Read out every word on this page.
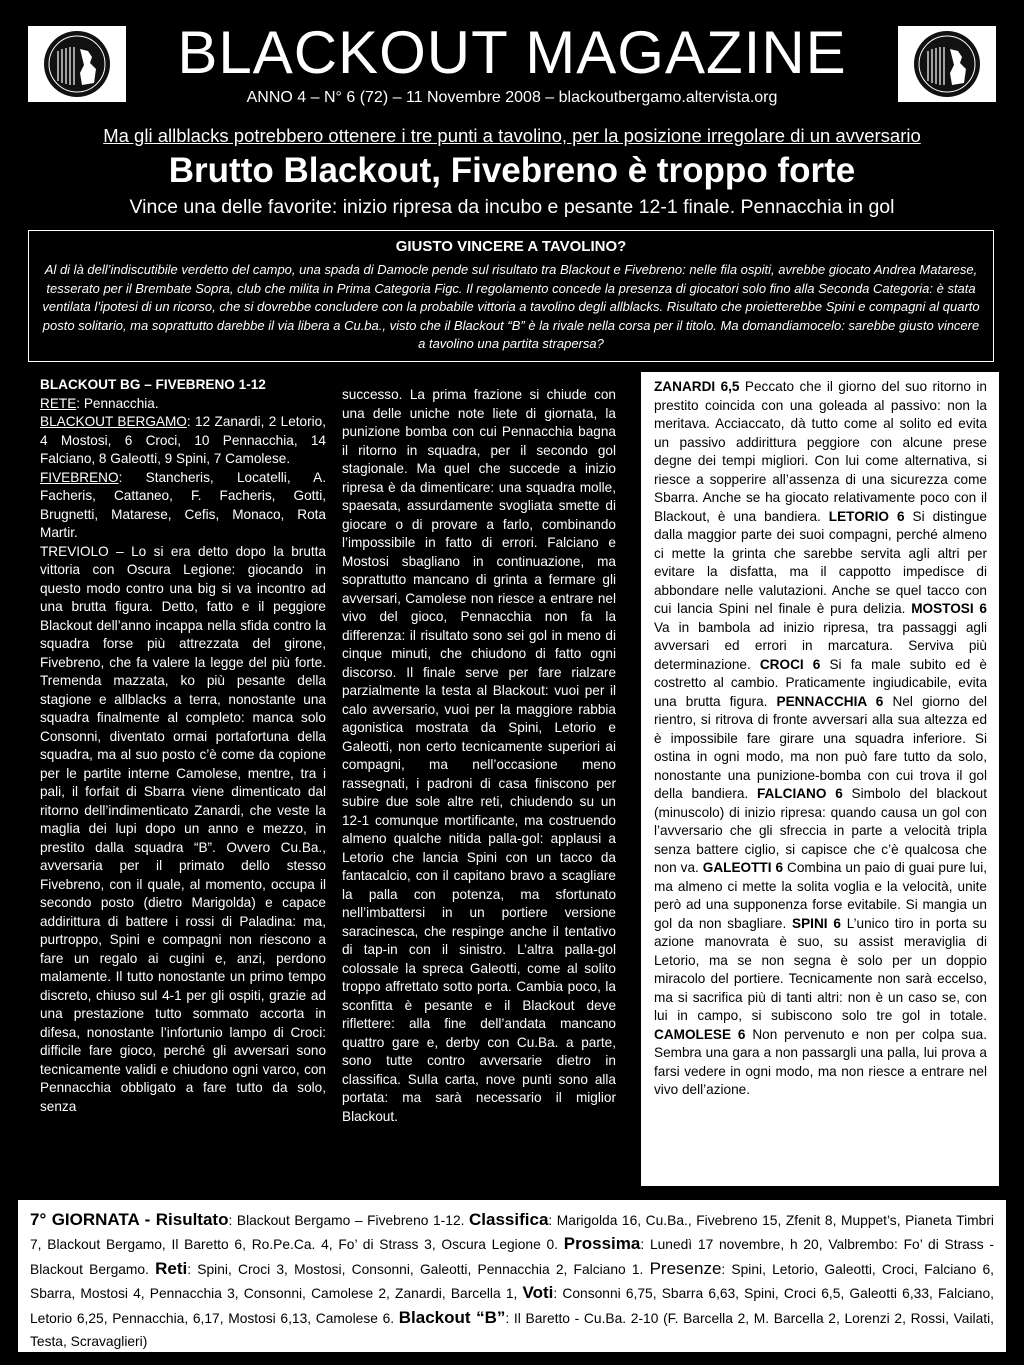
BLACKOUT MAGAZINE
ANNO 4 – N° 6 (72) – 11 Novembre 2008 – blackoutbergamo.altervista.org
Ma gli allblacks potrebbero ottenere i tre punti a tavolino, per la posizione irregolare di un avversario
Brutto Blackout, Fivebreno è troppo forte
Vince una delle favorite: inizio ripresa da incubo e pesante 12-1 finale. Pennacchia in gol
GIUSTO VINCERE A TAVOLINO?

Al di là dell’indiscutibile verdetto del campo, una spada di Damocle pende sul risultato tra Blackout e Fivebreno: nelle fila ospiti, avrebbe giocato Andrea Matarese, tesserato per il Brembate Sopra, club che milita in Prima Categoria Figc. Il regolamento concede la presenza di giocatori solo fino alla Seconda Categoria: è stata ventilata l’ipotesi di un ricorso, che si dovrebbe concludere con la probabile vittoria a tavolino degli allblacks. Risultato che proietterebbe Spini e compagni al quarto posto solitario, ma soprattutto darebbe il via libera a Cu.ba., visto che il Blackout “B” è la rivale nella corsa per il titolo. Ma domandiamocelo: sarebbe giusto vincere a tavolino una partita strapersa?

BLACKOUT BG – FIVEBRENO 1-12

RETE: Pennacchia.

BLACKOUT BERGAMO: 12 Zanardi, 2 Letorio, 4 Mostosi, 6 Croci, 10 Pennacchia, 14 Falciano, 8 Galeotti, 9 Spini, 7 Camolese.

FIVEBRENO: Stancheris, Locatelli, A. Facheris, Cattaneo, F. Facheris, Gotti, Brugnetti, Matarese, Cefis, Monaco, Rota Martir.

TREVIOLO – Lo si era detto dopo la brutta vittoria con Oscura Legione: giocando in questo modo contro una big si va incontro ad una brutta figura. Detto, fatto e il peggiore Blackout dell’anno incappa nella sfida contro la squadra forse più attrezzata del girone, Fivebreno, che fa valere la legge del più forte. Tremenda mazzata, ko più pesante della stagione e allblacks a terra, nonostante una squadra finalmente al completo: manca solo Consonni, diventato ormai portafortuna della squadra, ma al suo posto c’è come da copione per le partite interne Camolese, mentre, tra i pali, il forfait di Sbarra viene dimenticato dal ritorno dell’indimenticato Zanardi, che veste la maglia dei lupi dopo un anno e mezzo, in prestito dalla squadra “B”. Ovvero Cu.Ba., avversaria per il primato dello stesso Fivebreno, con il quale, al momento, occupa il secondo posto (dietro Marigolda) e capace addirittura di battere i rossi di Paladina: ma, purtroppo, Spini e compagni non riescono a fare un regalo ai cugini e, anzi, perdono malamente. Il tutto nonostante un primo tempo discreto, chiuso sul 4-1 per gli ospiti, grazie ad una prestazione tutto sommato accorta in difesa, nonostante l’infortunio lampo di Croci: difficile fare gioco, perché gli avversari sono tecnicamente validi e chiudono ogni varco, con Pennacchia obbligato a fare tutto da solo, senza

successo. La prima frazione si chiude con una delle uniche note liete di giornata, la punizione bomba con cui Pennacchia bagna il ritorno in squadra, per il secondo gol stagionale. Ma quel che succede a inizio ripresa è da dimenticare: una squadra molle, spaesata, assurdamente svogliata smette di giocare o di provare a farlo, combinando l’impossibile in fatto di errori. Falciano e Mostosi sbagliano in continuazione, ma soprattutto mancano di grinta a fermare gli avversari, Camolese non riesce a entrare nel vivo del gioco, Pennacchia non fa la differenza: il risultato sono sei gol in meno di cinque minuti, che chiudono di fatto ogni discorso. Il finale serve per fare rialzare parzialmente la testa al Blackout: vuoi per il calo avversario, vuoi per la maggiore rabbia agonistica mostrata da Spini, Letorio e Galeotti, non certo tecnicamente superiori ai compagni, ma nell’occasione meno rassegnati, i padroni di casa finiscono per subire due sole altre reti, chiudendo su un 12-1 comunque mortificante, ma costruendo almeno qualche nitida palla-gol: applausi a Letorio che lancia Spini con un tacco da fantacalcio, con il capitano bravo a scagliare la palla con potenza, ma sfortunato nell’imbattersi in un portiere versione saracinesca, che respinge anche il tentativo di tap-in con il sinistro. L’altra palla-gol colossale la spreca Galeotti, come al solito troppo affrettato sotto porta. Cambia poco, la sconfitta è pesante e il Blackout deve riflettere: alla fine dell’andata mancano quattro gare e, derby con Cu.Ba. a parte, sono tutte contro avversarie dietro in classifica. Sulla carta, nove punti sono alla portata: ma sarà necessario il miglior Blackout.

ZANARDI 6,5 Peccato che il giorno del suo ritorno in prestito coincida con una goleada al passivo: non la meritava. Acciaccato, dà tutto come al solito ed evita un passivo addirittura peggiore con alcune prese degne dei tempi migliori. Con lui come alternativa, si riesce a sopperire all’assenza di una sicurezza come Sbarra. Anche se ha giocato relativamente poco con il Blackout, è una bandiera. LETORIO 6 Si distingue dalla maggior parte dei suoi compagni, perché almeno ci mette la grinta che sarebbe servita agli altri per evitare la disfatta, ma il cappotto impedisce di abbondare nelle valutazioni. Anche se quel tacco con cui lancia Spini nel finale è pura delizia. MOSTOSI 6 Va in bambola ad inizio ripresa, tra passaggi agli avversari ed errori in marcatura. Serviva più determinazione. CROCI 6 Si fa male subito ed è costretto al cambio. Praticamente ingiudicabile, evita una brutta figura. PENNACCHIA 6 Nel giorno del rientro, si ritrova di fronte avversari alla sua altezza ed è impossibile fare girare una squadra inferiore. Si ostina in ogni modo, ma non può fare tutto da solo, nonostante una punizione-bomba con cui trova il gol della bandiera. FALCIANO 6 Simbolo del blackout (minuscolo) di inizio ripresa: quando causa un gol con l’avversario che gli sfreccia in parte a velocità tripla senza battere ciglio, si capisce che c’è qualcosa che non va. GALEOTTI 6 Combina un paio di guai pure lui, ma almeno ci mette la solita voglia e la velocità, unite però ad una supponenza forse evitabile. Si mangia un gol da non sbagliare. SPINI 6 L’unico tiro in porta su azione manovrata è suo, su assist meraviglia di Letorio, ma se non segna è solo per un doppio miracolo del portiere. Tecnicamente non sarà eccelso, ma si sacrifica più di tanti altri: non è un caso se, con lui in campo, si subiscono solo tre gol in totale. CAMOLESE 6 Non pervenuto e non per colpa sua. Sembra una gara a non passargli una palla, lui prova a farsi vedere in ogni modo, ma non riesce a entrare nel vivo dell’azione.

7° GIORNATA - Risultato: Blackout Bergamo – Fivebreno 1-12. Classifica: Marigolda 16, Cu.Ba., Fivebreno 15, Zfenit 8, Muppet’s, Pianeta Timbri 7, Blackout Bergamo, Il Baretto 6, Ro.Pe.Ca. 4, Fo’ di Strass 3, Oscura Legione 0. Prossima: Lunedì 17 novembre, h 20, Valbrembo: Fo’ di Strass - Blackout Bergamo. Reti: Spini, Croci 3, Mostosi, Consonni, Galeotti, Pennacchia 2, Falciano 1. Presenze: Spini, Letorio, Galeotti, Croci, Falciano 6, Sbarra, Mostosi 4, Pennacchia 3, Consonni, Camolese 2, Zanardi, Barcella 1, Voti: Consonni 6,75, Sbarra 6,63, Spini, Croci 6,5, Galeotti 6,33, Falciano, Letorio 6,25, Pennacchia, 6,17, Mostosi 6,13, Camolese 6. Blackout “B”: Il Baretto - Cu.Ba. 2-10 (F. Barcella 2, M. Barcella 2, Lorenzi 2, Rossi, Vailati, Testa, Scravaglieri)
